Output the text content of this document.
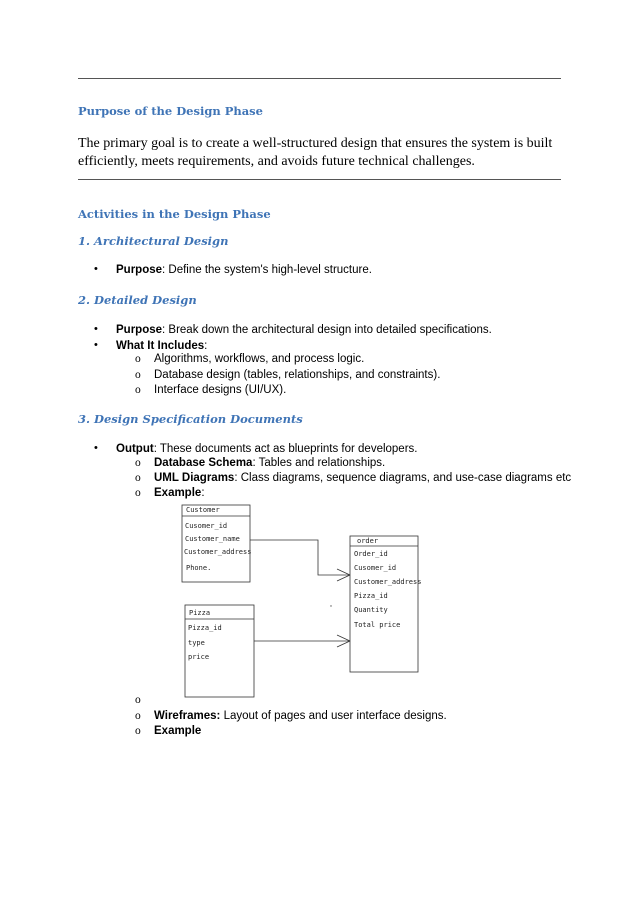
Purpose of the Design Phase

The primary goal is to create a well-structured design that ensures the system is built efficiently, meets requirements, and avoids future technical challenges.

Activities in the Design Phase

1. Architectural Design

• Purpose: Define the system's high-level structure.

2. Detailed Design

• Purpose: Break down the architectural design into detailed specifications.

• What It Includes:

o Algorithms, workflows, and process logic.

o Database design (tables, relationships, and constraints).

o Interface designs (UI/UX).

3. Design Specification Documents

• Output: These documents act as blueprints for developers.

o Database Schema: Tables and relationships.

o UML Diagrams: Class diagrams, sequence diagrams, and use-case diagrams etc

o Example:

Customer
Cusomer_id
Customer_name
Customer_address
Phone.
order
Order_id
Cusomer_id
Customer_address
Pizza_id
Quantity
Total price
Pizza
Pizza_id
type
price
o
o Wireframes: Layout of pages and user interface designs.

o Example
